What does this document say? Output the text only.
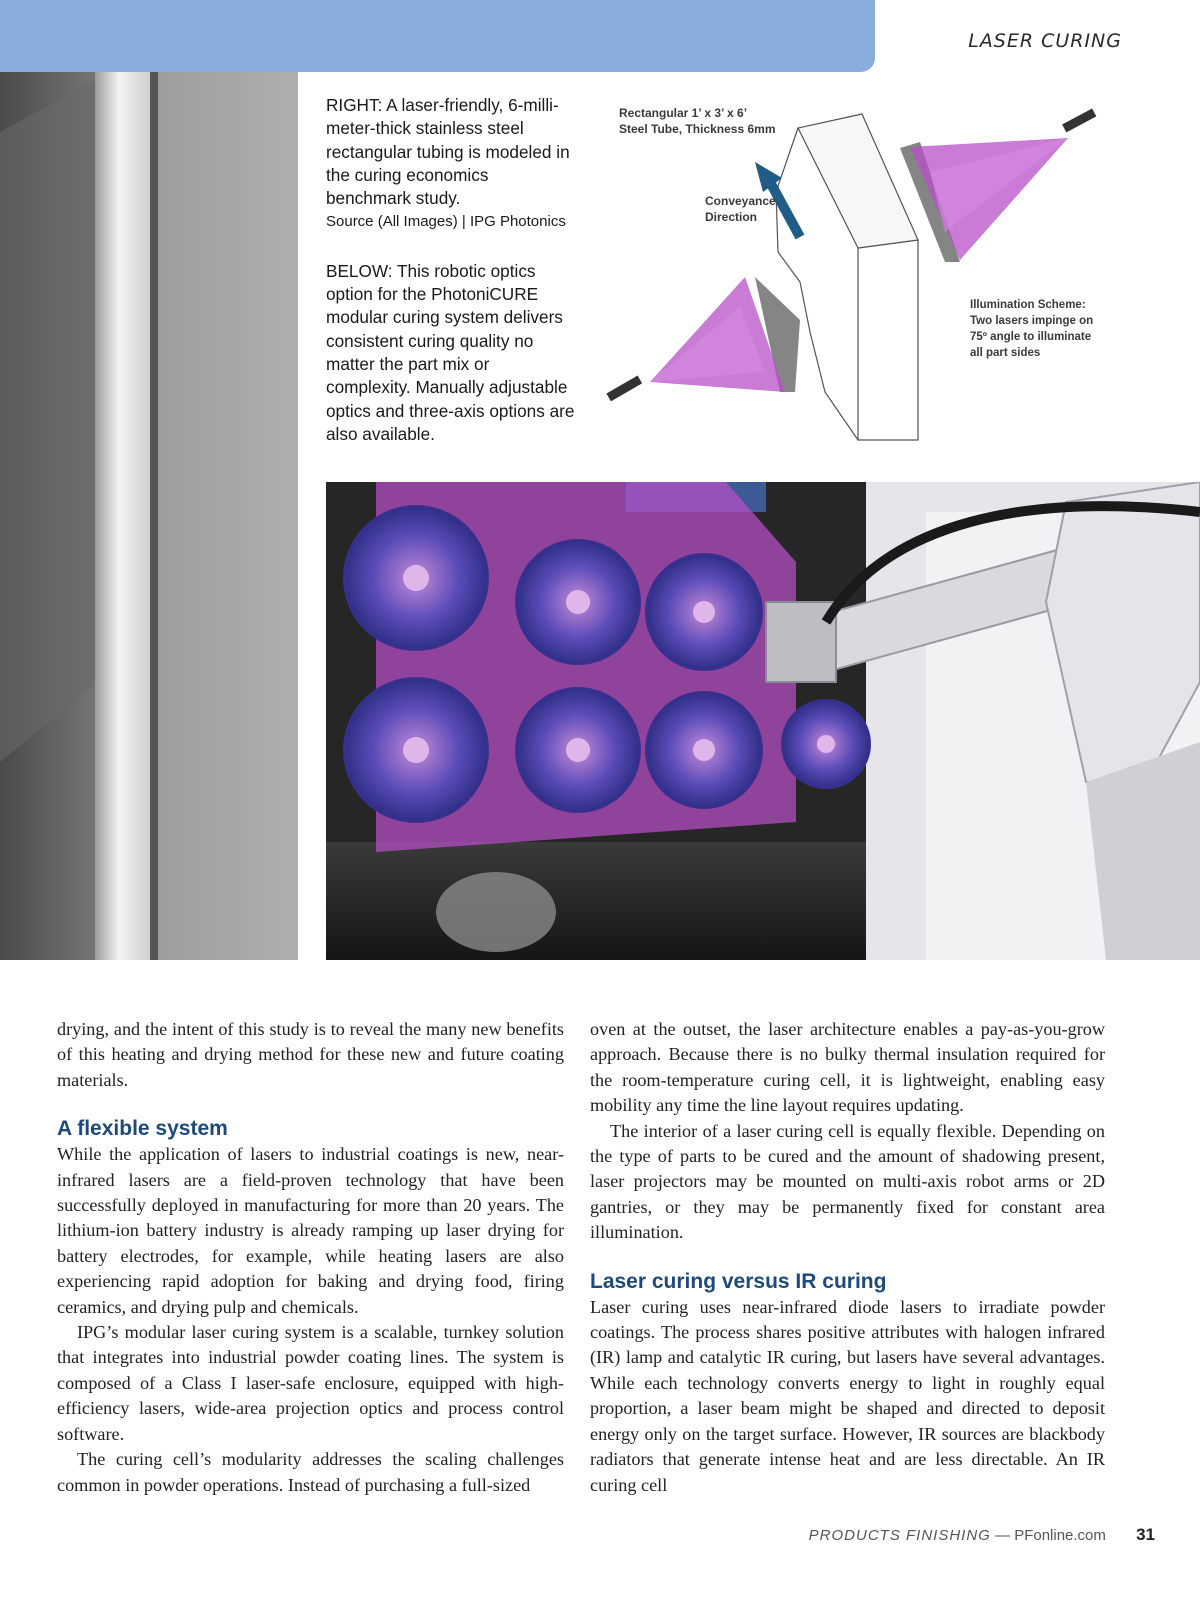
LASER CURING

RIGHT: A laser-friendly, 6-milli-meter-thick stainless steel rectangular tubing is modeled in the curing economics benchmark study.

Source (All Images) | IPG Photonics

BELOW: This robotic optics option for the PhotoniCURE modular curing system delivers consistent curing quality no matter the part mix or complexity. Manually adjustable optics and three-axis options are also available.

Rectangular 1’ x 3’ x 6’
Steel Tube, Thickness 6mm
Conveyance
Direction
Illumination Scheme:
Two lasers impinge on
75º angle to illuminate
all part sides

drying, and the intent of this study is to reveal the many new benefits of this heating and drying method for these new and future coating materials.

A flexible system

While the application of lasers to industrial coatings is new, near-infrared lasers are a field-proven technology that have been successfully deployed in manufacturing for more than 20 years. The lithium-ion battery industry is already ramping up laser drying for battery electrodes, for example, while heating lasers are also experiencing rapid adoption for baking and drying food, firing ceramics, and drying pulp and chemicals.

IPG’s modular laser curing system is a scalable, turnkey solution that integrates into industrial powder coating lines. The system is composed of a Class I laser-safe enclosure, equipped with high-efficiency lasers, wide-area projection optics and process control software.

The curing cell’s modularity addresses the scaling challenges common in powder operations. Instead of purchasing a full-sized

oven at the outset, the laser architecture enables a pay-as-you-grow approach. Because there is no bulky thermal insulation required for the room-temperature curing cell, it is lightweight, enabling easy mobility any time the line layout requires updating.

The interior of a laser curing cell is equally flexible. Depending on the type of parts to be cured and the amount of shadowing present, laser projectors may be mounted on multi-axis robot arms or 2D gantries, or they may be permanently fixed for constant area illumination.

Laser curing versus IR curing

Laser curing uses near-infrared diode lasers to irradiate powder coatings. The process shares positive attributes with halogen infrared (IR) lamp and catalytic IR curing, but lasers have several advantages. While each technology converts energy to light in roughly equal proportion, a laser beam might be shaped and directed to deposit energy only on the target surface. However, IR sources are blackbody radiators that generate intense heat and are less directable. An IR curing cell

PRODUCTS FINISHING — PFonline.com 31
